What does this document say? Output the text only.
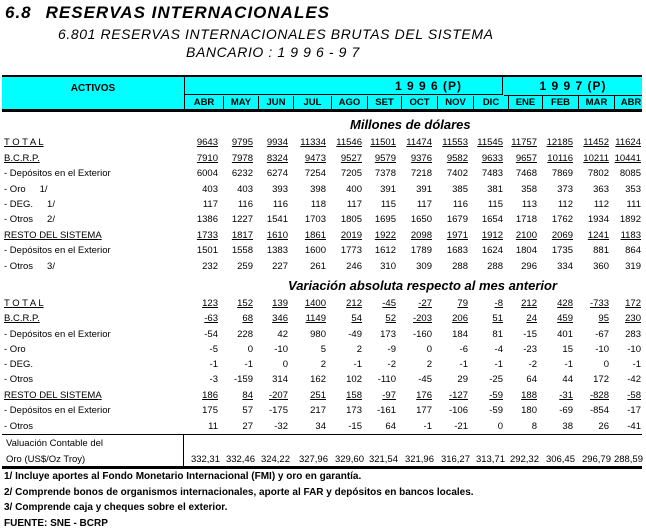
6.8 RESERVAS INTERNACIONALES
6.801 RESERVAS INTERNACIONALES BRUTAS DEL SISTEMA
BANCARIO : 1 9 9 6 - 9 7
ACTIVOS	1 9 9 6 (P)	1 9 9 7 (P)
ABR	MAY	JUN	JUL	AGO	SET	OCT	NOV	DIC	ENE	FEB	MAR	ABR
Millones de dólares
T O T A L	9643 9795 9934 11334 11546 11501 11474 11553 11545 11757 12185 11452 11624
B.C.R.P.	7910 7978 8324 9473 9527 9579 9376 9582 9633 9657 10116 10211 10441
- Depósitos en el Exterior	6004 6232 6274 7254 7205 7378 7218 7402 7483 7468 7869 7802 8085
- Oro 1/	403 403 393 398 400 391 391 385 381 358 373 363 353
- DEG. 1/	117 116 116 118 117 115 117 116 115 113 112 112 111
- Otros 2/	1386 1227 1541 1703 1805 1695 1650 1679 1654 1718 1762 1934 1892
RESTO DEL SISTEMA	1733 1817 1610 1861 2019 1922 2098 1971 1912 2100 2069 1241 1183
- Depósitos en el Exterior	1501 1558 1383 1600 1773 1612 1789 1683 1624 1804 1735 881 864
- Otros 3/	232 259 227 261 246 310 309 288 288 296 334 360 319
Variación absoluta respecto al mes anterior
T O T A L	123 152 139 1400 212 -45 -27	79	-8 212 428 -733 172
B.C.R.P.	-63	68 346 1149	54 52 -203 206	51 24 459	95 230
- Depósitos en el Exterior	-54 228	42 980 -49 173 -160 184	81 -15 401 -67 283
- Oro	-5	0 -10	5	2	-9	0	-6	-4 -23	15 -10 -10
- DEG.	-1	-1	0	2	-1	-2	2	-1	-1	-2	-1	0 -1
- Otros	-3 -159 314 162 102 -110 -45	29 -25 64	44 172 -42
RESTO DEL SISTEMA	186	84 -207 251 158 -97 176 -127 -59 188 -31 -828 -58
- Depósitos en el Exterior	175	57 -175 217 173 -161 177 -106 -59 180 -69 -854 -17
- Otros	11	27 -32	34 -15 64	-1 -21	0	8	38	26 -41
Valuación Contable del
Oro (US$/Oz Troy)	332,31 332,46 324,22 327,96 329,60 321,54 321,96 316,27 313,71 292,32 306,45 296,79 288,59
1/ Incluye aportes al Fondo Monetario Internacional (FMI) y oro en garantía.
2/ Comprende bonos de organismos internacionales, aporte al FAR y depósitos en bancos locales.
3/ Comprende caja y cheques sobre el exterior.
FUENTE: SNE - BCRP
